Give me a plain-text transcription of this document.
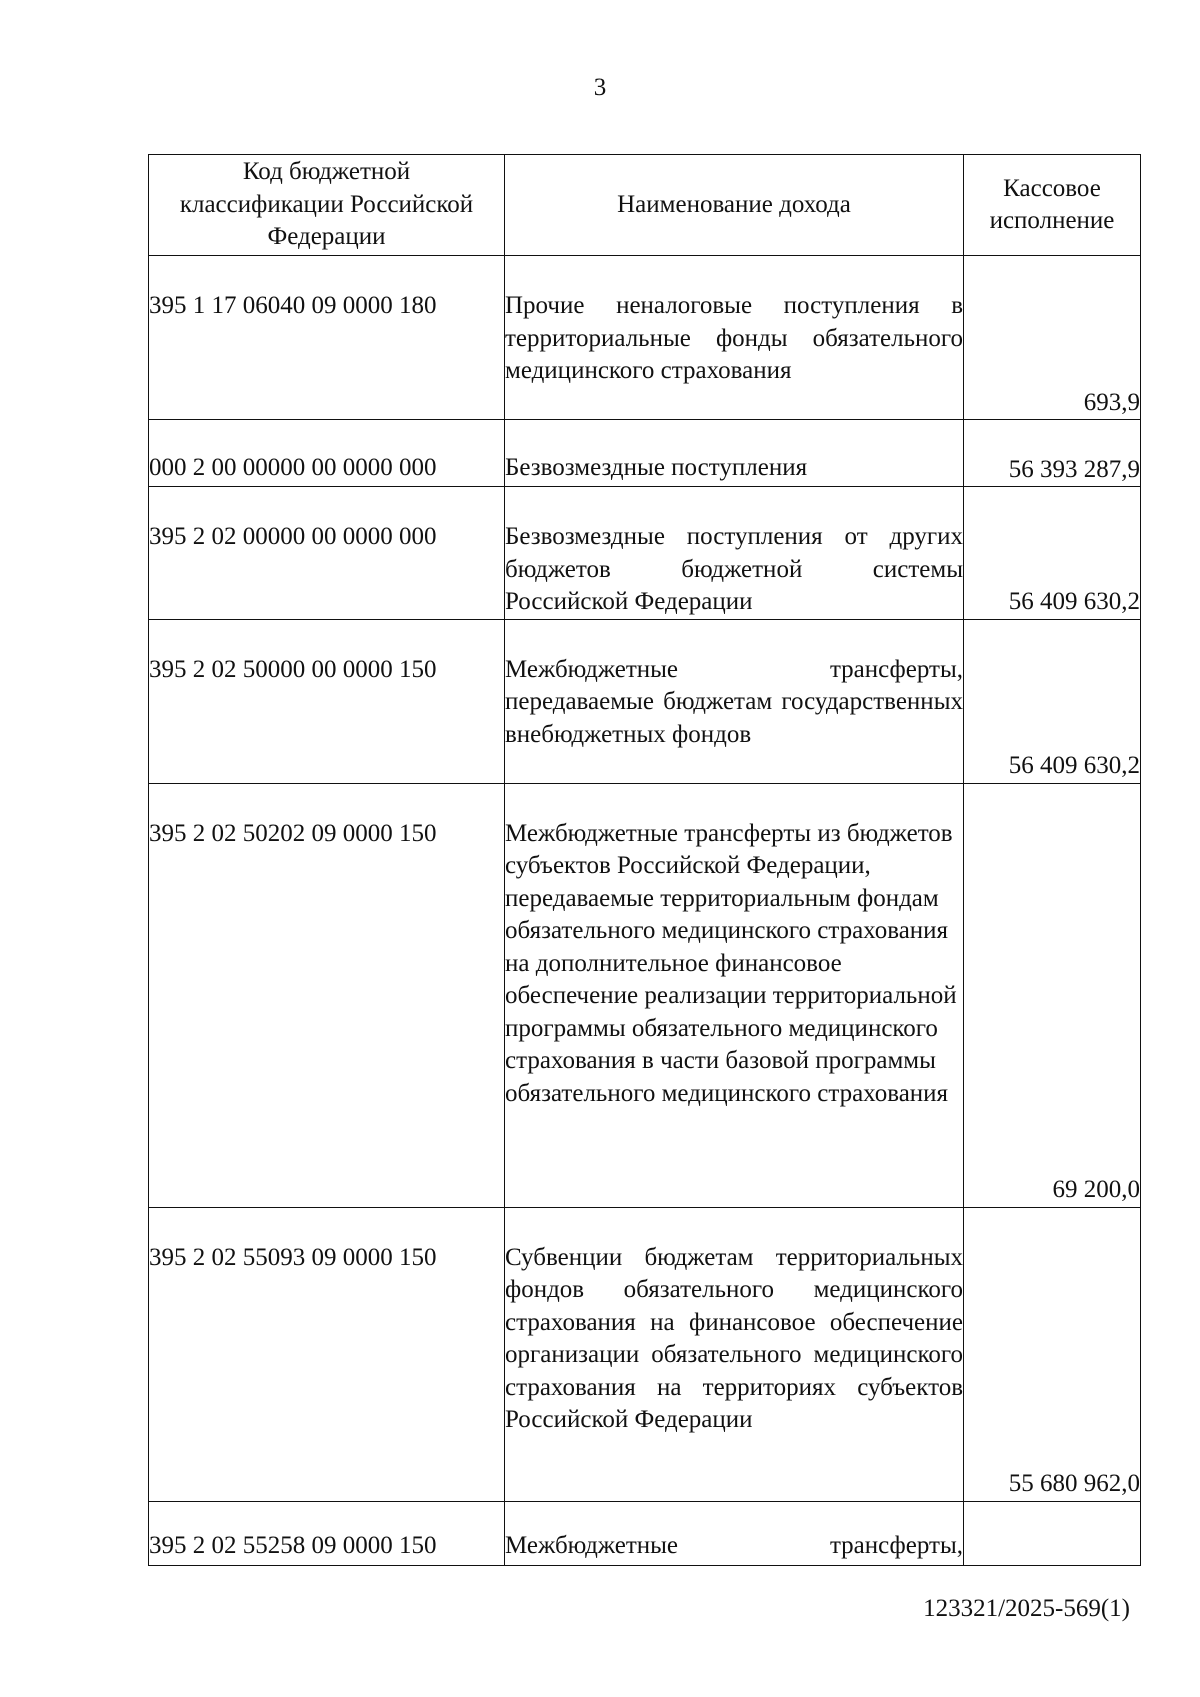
3
Код бюджетной классификации Российской Федерации	Наименование дохода	Кассовое исполнение

395 1 17 06040 09 0000 180	Прочие неналоговые поступления в территориальные фонды обязательного медицинского страхования	693,9

000 2 00 00000 00 0000 000	Безвозмездные поступления	56 393 287,9

395 2 02 00000 00 0000 000	Безвозмездные поступления от других бюджетов бюджетной системы Российской Федерации	56 409 630,2

395 2 02 50000 00 0000 150	Межбюджетные трансферты, передаваемые бюджетам государственных внебюджетных фондов	56 409 630,2

395 2 02 50202 09 0000 150	Межбюджетные трансферты из бюджетов субъектов Российской Федерации, передаваемые территориальным фондам обязательного медицинского страхования на дополнительное финансовое обеспечение реализации территориальной программы обязательного медицинского страхования в части базовой программы обязательного медицинского страхования	69 200,0

395 2 02 55093 09 0000 150	Субвенции бюджетам территориальных фондов обязательного медицинского страхования на финансовое обеспечение организации обязательного медицинского страхования на территориях субъектов Российской Федерации	55 680 962,0

395 2 02 55258 09 0000 150	Межбюджетные трансферты,	

123321/2025-569(1)
